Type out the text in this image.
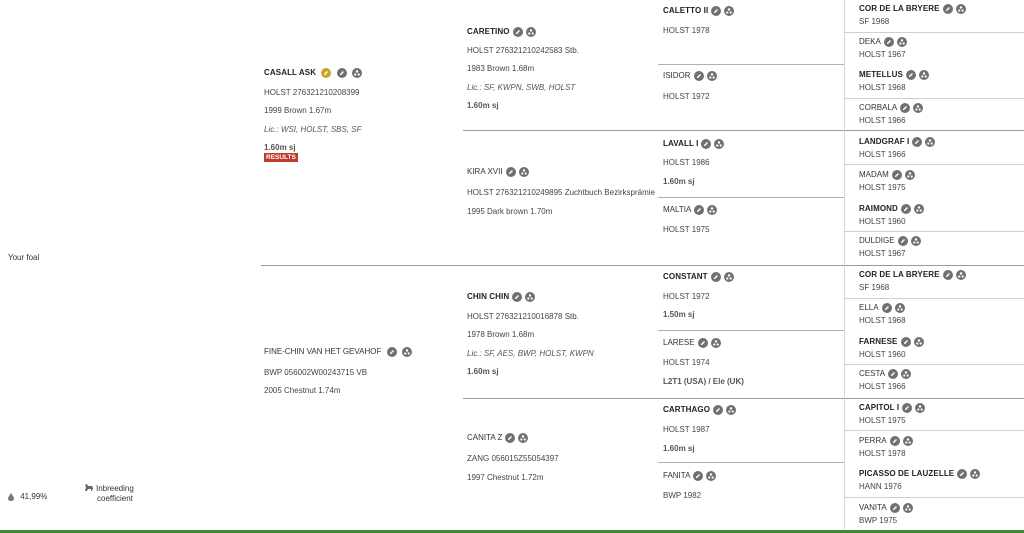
Your foal
41,99%
Inbreeding
coefficient
CASALL ASK

HOLST 276321210208399
1999 Brown 1.67m
Lic.: WSI, HOLST, SBS, SF
1.60m sj
RESULTS
FINE-CHIN VAN HET GEVAHOF

BWP 056002W00243715 VB
2005 Chestnut 1.74m
CARETINO
HOLST 276321210242583 Stb.
1983 Brown 1.68m
Lic.: SF, KWPN, SWB, HOLST
1.60m sj
KIRA XVII
HOLST 276321210249895 Zuchtbuch Bezirksprämie
1995 Dark brown 1.70m
CHIN CHIN
HOLST 276321210016878 Stb.
1978 Brown 1.68m
Lic.: SF, AES, BWP, HOLST, KWPN
1.60m sj
CANITA Z
ZANG 056015Z55054397
1997 Chestnut 1.72m
CALETTO II
HOLST 1978
ISIDOR
HOLST 1972
LAVALL I
HOLST 1986
1.60m sj
MALTIA
HOLST 1975
CONSTANT
HOLST 1972
1.50m sj
LARESE
HOLST 1974
L2T1 (USA) / Ele (UK)
CARTHAGO
HOLST 1987
1.60m sj
FANITA
BWP 1982
COR DE LA BRYERE
SF 1968
DEKA
HOLST 1967
METELLUS
HOLST 1968
CORBALA
HOLST 1966
LANDGRAF I
HOLST 1966
MADAM
HOLST 1975
RAIMOND
HOLST 1960
DULDIGE
HOLST 1967
COR DE LA BRYERE
SF 1968
ELLA
HOLST 1968
FARNESE
HOLST 1960
CESTA
HOLST 1966
CAPITOL I
HOLST 1975
PERRA
HOLST 1978
PICASSO DE LAUZELLE
HANN 1976
VANITA
BWP 1975
